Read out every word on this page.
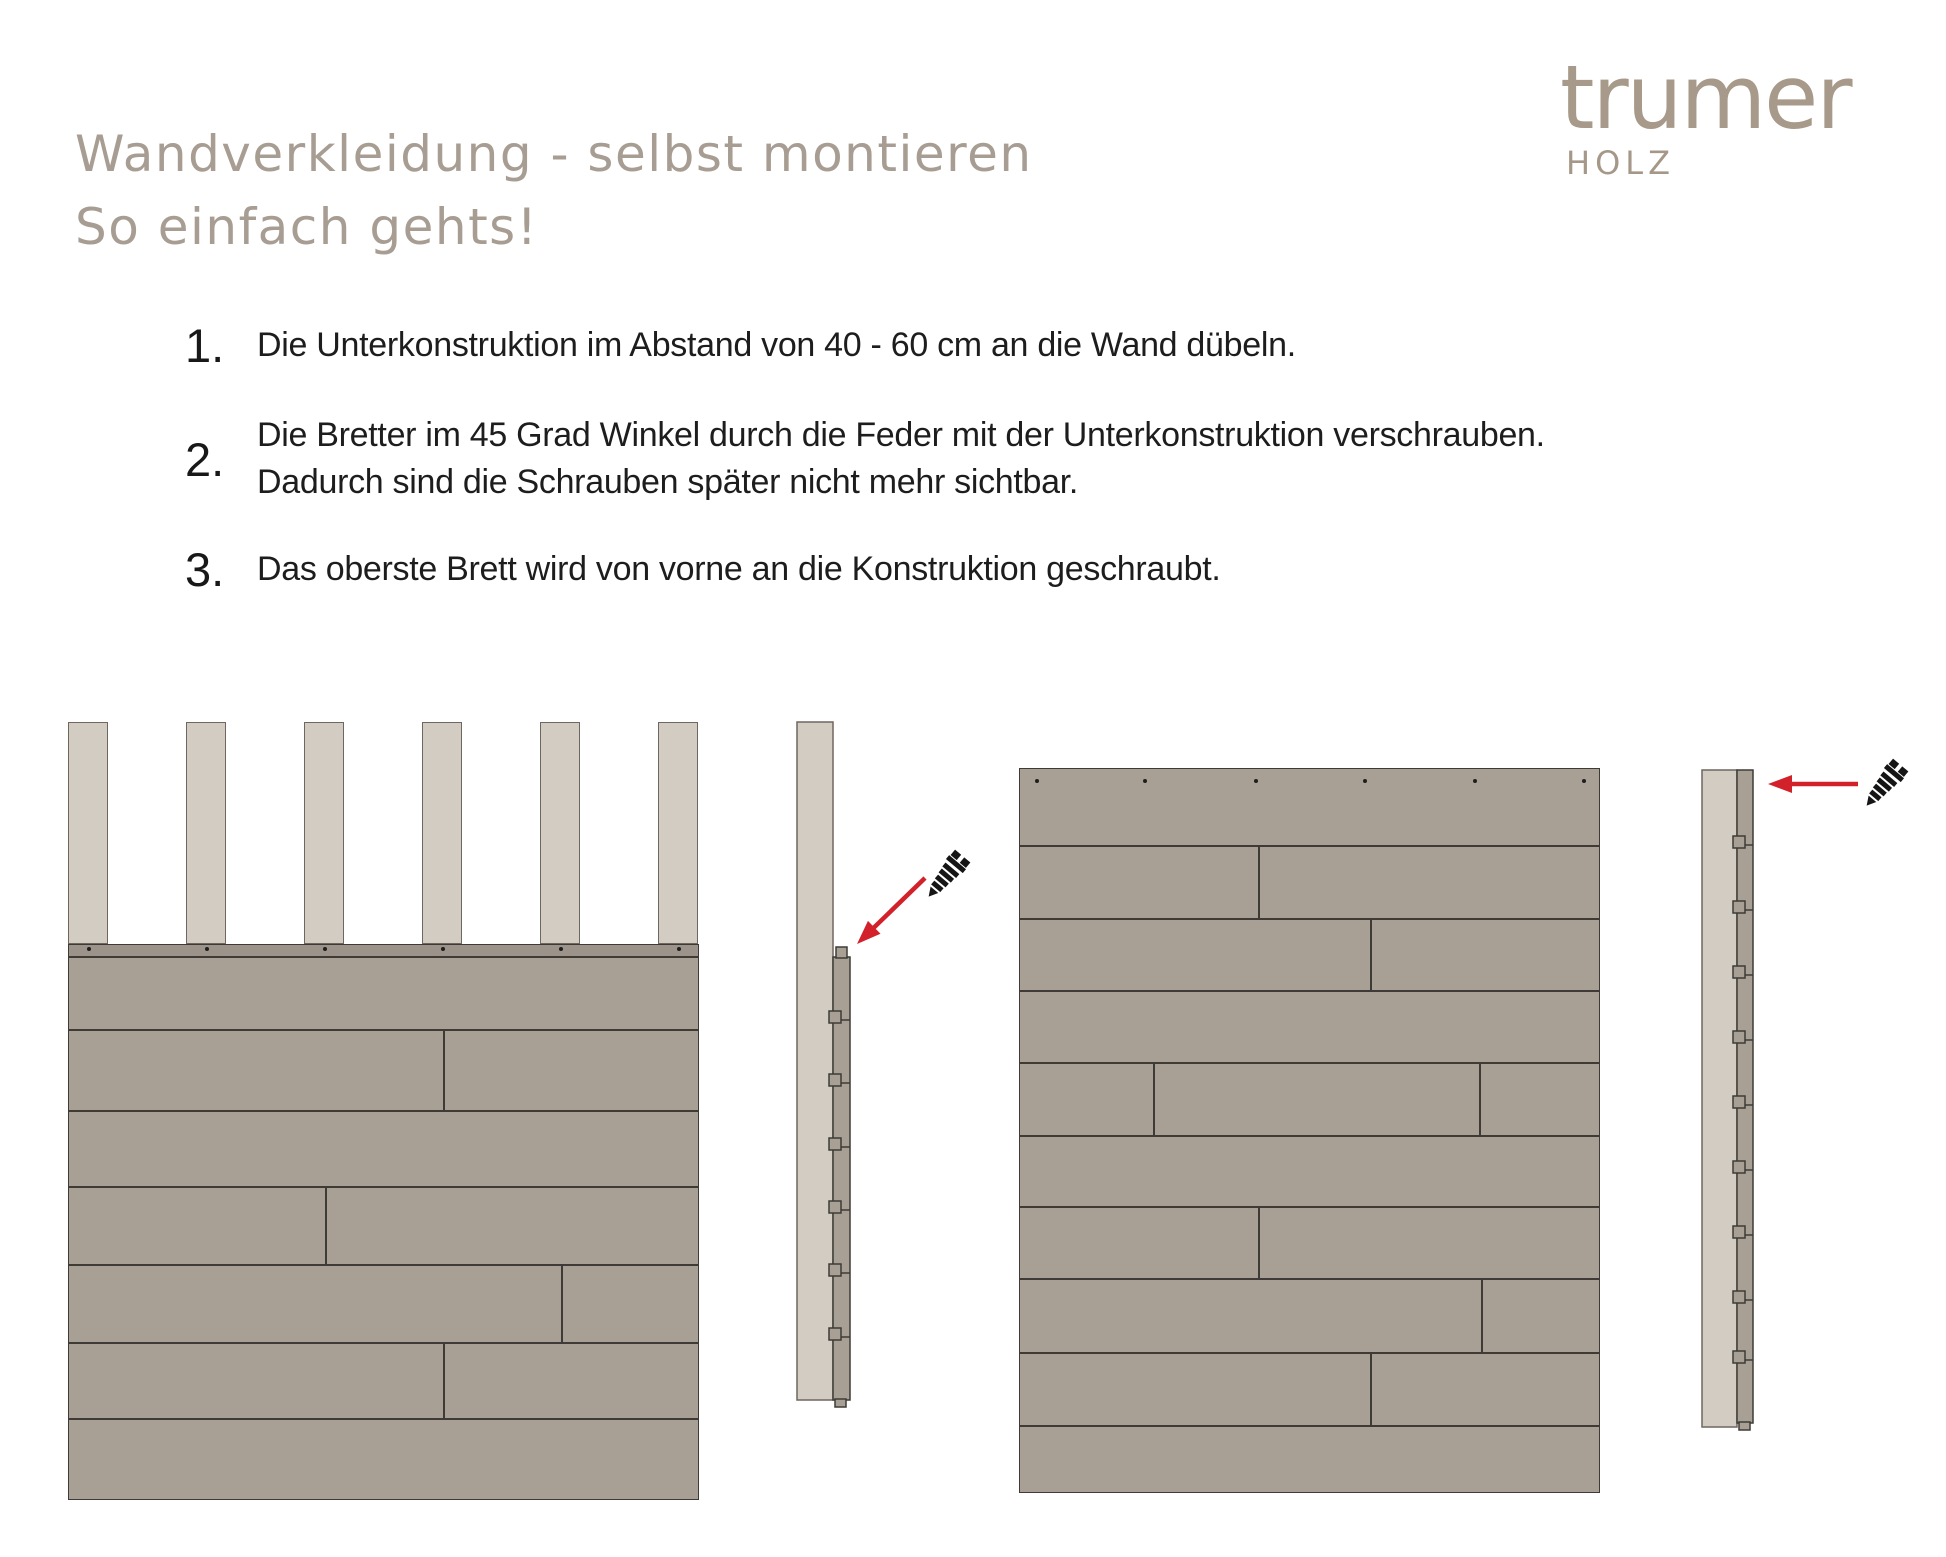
Wandverkleidung - selbst montieren
So einfach gehts!
trumer
HOLZ
1. Die Unterkonstruktion im Abstand von 40 - 60 cm an die Wand dübeln.
2. Die Bretter im 45 Grad Winkel durch die Feder mit der Unterkonstruktion verschrauben.
Dadurch sind die Schrauben später nicht mehr sichtbar.
3. Das oberste Brett wird von vorne an die Konstruktion geschraubt.
